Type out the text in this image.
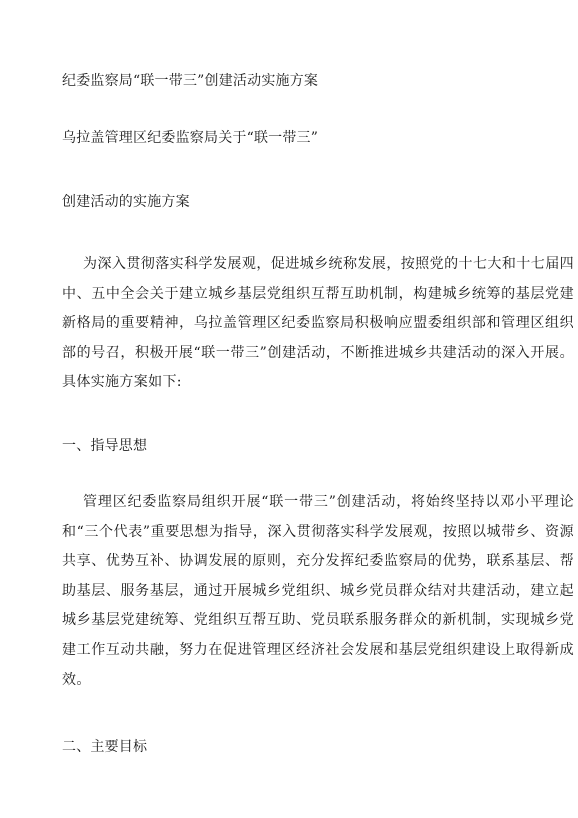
纪委监察局“联一带三”创建活动实施方案
乌拉盖管理区纪委监察局关于“联一带三”
创建活动的实施方案
为深入贯彻落实科学发展观，促进城乡统称发展，按照党的十七大和十七届四中、五中全会关于建立城乡基层党组织互帮互助机制，构建城乡统筹的基层党建新格局的重要精神，乌拉盖管理区纪委监察局积极响应盟委组织部和管理区组织部的号召，积极开展“联一带三”创建活动，不断推进城乡共建活动的深入开展。具体实施方案如下:
一、指导思想
管理区纪委监察局组织开展“联一带三”创建活动，将始终坚持以邓小平理论和“三个代表”重要思想为指导，深入贯彻落实科学发展观，按照以城带乡、资源共享、优势互补、协调发展的原则，充分发挥纪委监察局的优势，联系基层、帮助基层、服务基层，通过开展城乡党组织、城乡党员群众结对共建活动，建立起城乡基层党建统筹、党组织互帮互助、党员联系服务群众的新机制，实现城乡党建工作互动共融，努力在促进管理区经济社会发展和基层党组织建设上取得新成效。
二、主要目标
